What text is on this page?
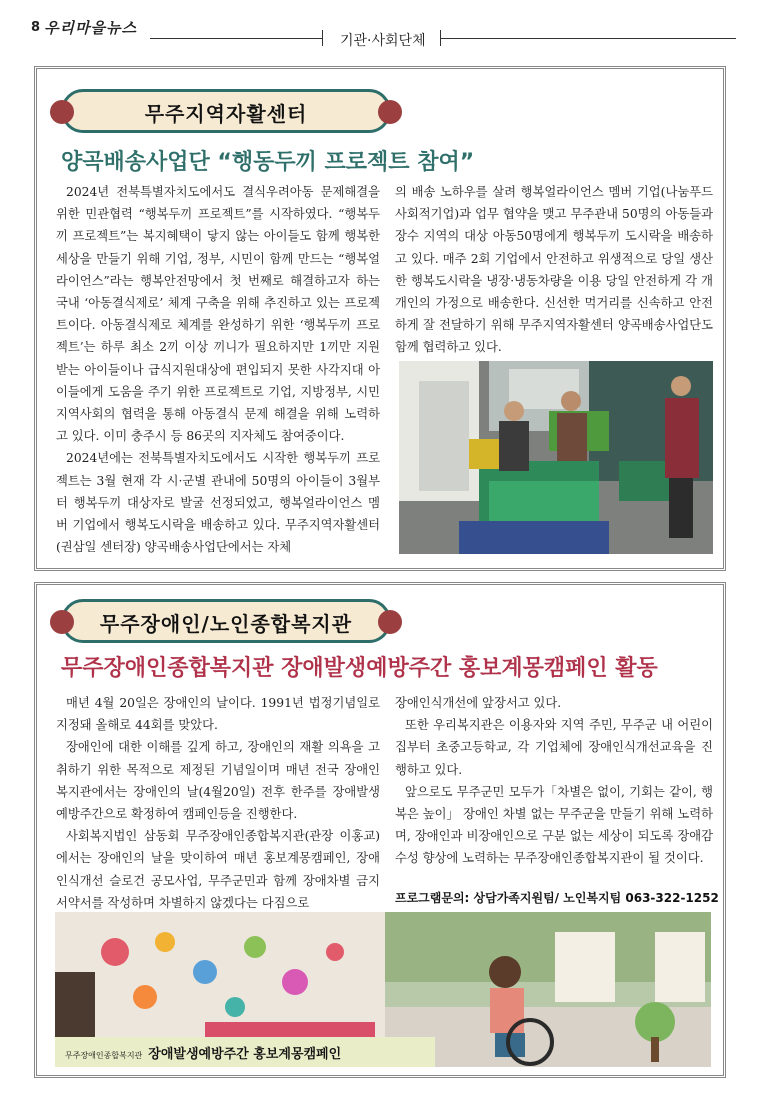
8 우리마을뉴스
기관·사회단체
무주지역자활센터
양곡배송사업단 “행동두끼 프로젝트 참여”

2024년 전북특별자치도에서도 결식우려아동 문제해결을 위한 민관협력 “행복두끼 프로젝트”를 시작하였다. “행복두끼 프로젝트”는 복지혜택이 닿지 않는 아이들도 함께 행복한 세상을 만들기 위해 기업, 정부, 시민이 함께 만드는 “행복얼라이언스”라는 행복안전망에서 첫 번째로 해결하고자 하는 국내 ‘아동결식제로’ 체계 구축을 위해 추진하고 있는 프로젝트이다. 아동결식제로 체계를 완성하기 위한 ‘행복두끼 프로젝트’는 하루 최소 2끼 이상 끼니가 필요하지만 1끼만 지원받는 아이들이나 급식지원대상에 편입되지 못한 사각지대 아이들에게 도움을 주기 위한 프로젝트로 기업, 지방정부, 시민 지역사회의 협력을 통해 아동결식 문제 해결을 위해 노력하고 있다. 이미 충주시 등 86곳의 지자체도 참여중이다.

2024년에는 전북특별자치도에서도 시작한 행복두끼 프로젝트는 3월 현재 각 시·군별 관내에 50명의 아이들이 3월부터 행복두끼 대상자로 발굴 선정되었고, 행복얼라이언스 멤버 기업에서 행복도시락을 배송하고 있다. 무주지역자활센터(권삼일 센터장) 양곡배송사업단에서는 자체

의 배송 노하우를 살려 행복얼라이언스 멤버 기업(나눔푸드 사회적기업)과 업무 협약을 맺고 무주관내 50명의 아동들과 장수 지역의 대상 아동50명에게 행복두끼 도시락을 배송하고 있다. 매주 2회 기업에서 안전하고 위생적으로 당일 생산한 행복도시락을 냉장·냉동차량을 이용 당일 안전하게 각 개개인의 가정으로 배송한다. 신선한 먹거리를 신속하고 안전하게 잘 전달하기 위해 무주지역자활센터 양곡배송사업단도 함께 협력하고 있다.

무주장애인/노인종합복지관
무주장애인종합복지관 장애발생예방주간 홍보계몽캠페인 활동

매년 4월 20일은 장애인의 날이다. 1991년 법정기념일로 지정돼 올해로 44회를 맞았다.

장애인에 대한 이해를 깊게 하고, 장애인의 재활 의욕을 고취하기 위한 목적으로 제정된 기념일이며 매년 전국 장애인복지관에서는 장애인의 날(4월20일) 전후 한주를 장애발생예방주간으로 확정하여 캠페인등을 진행한다.

사회복지법인 삼동회 무주장애인종합복지관(관장 이홍교)에서는 장애인의 날을 맞이하여 매년 홍보계몽캠페인, 장애인식개선 슬로건 공모사업, 무주군민과 함께 장애차별 금지 서약서를 작성하며 차별하지 않겠다는 다짐으로

장애인식개선에 앞장서고 있다.

또한 우리복지관은 이용자와 지역 주민, 무주군 내 어린이집부터 초중고등학교, 각 기업체에 장애인식개선교육을 진행하고 있다.

앞으로도 무주군민 모두가「차별은 없이, 기회는 같이, 행복은 높이」 장애인 차별 없는 무주군을 만들기 위해 노력하며, 장애인과 비장애인으로 구분 없는 세상이 되도록 장애감수성 향상에 노력하는 무주장애인종합복지관이 될 것이다.

프로그램문의: 상담가족지원팀/ 노인복지팀 063-322-1252
무주장애인종합복지관 장애발생예방주간 홍보계몽캠페인
